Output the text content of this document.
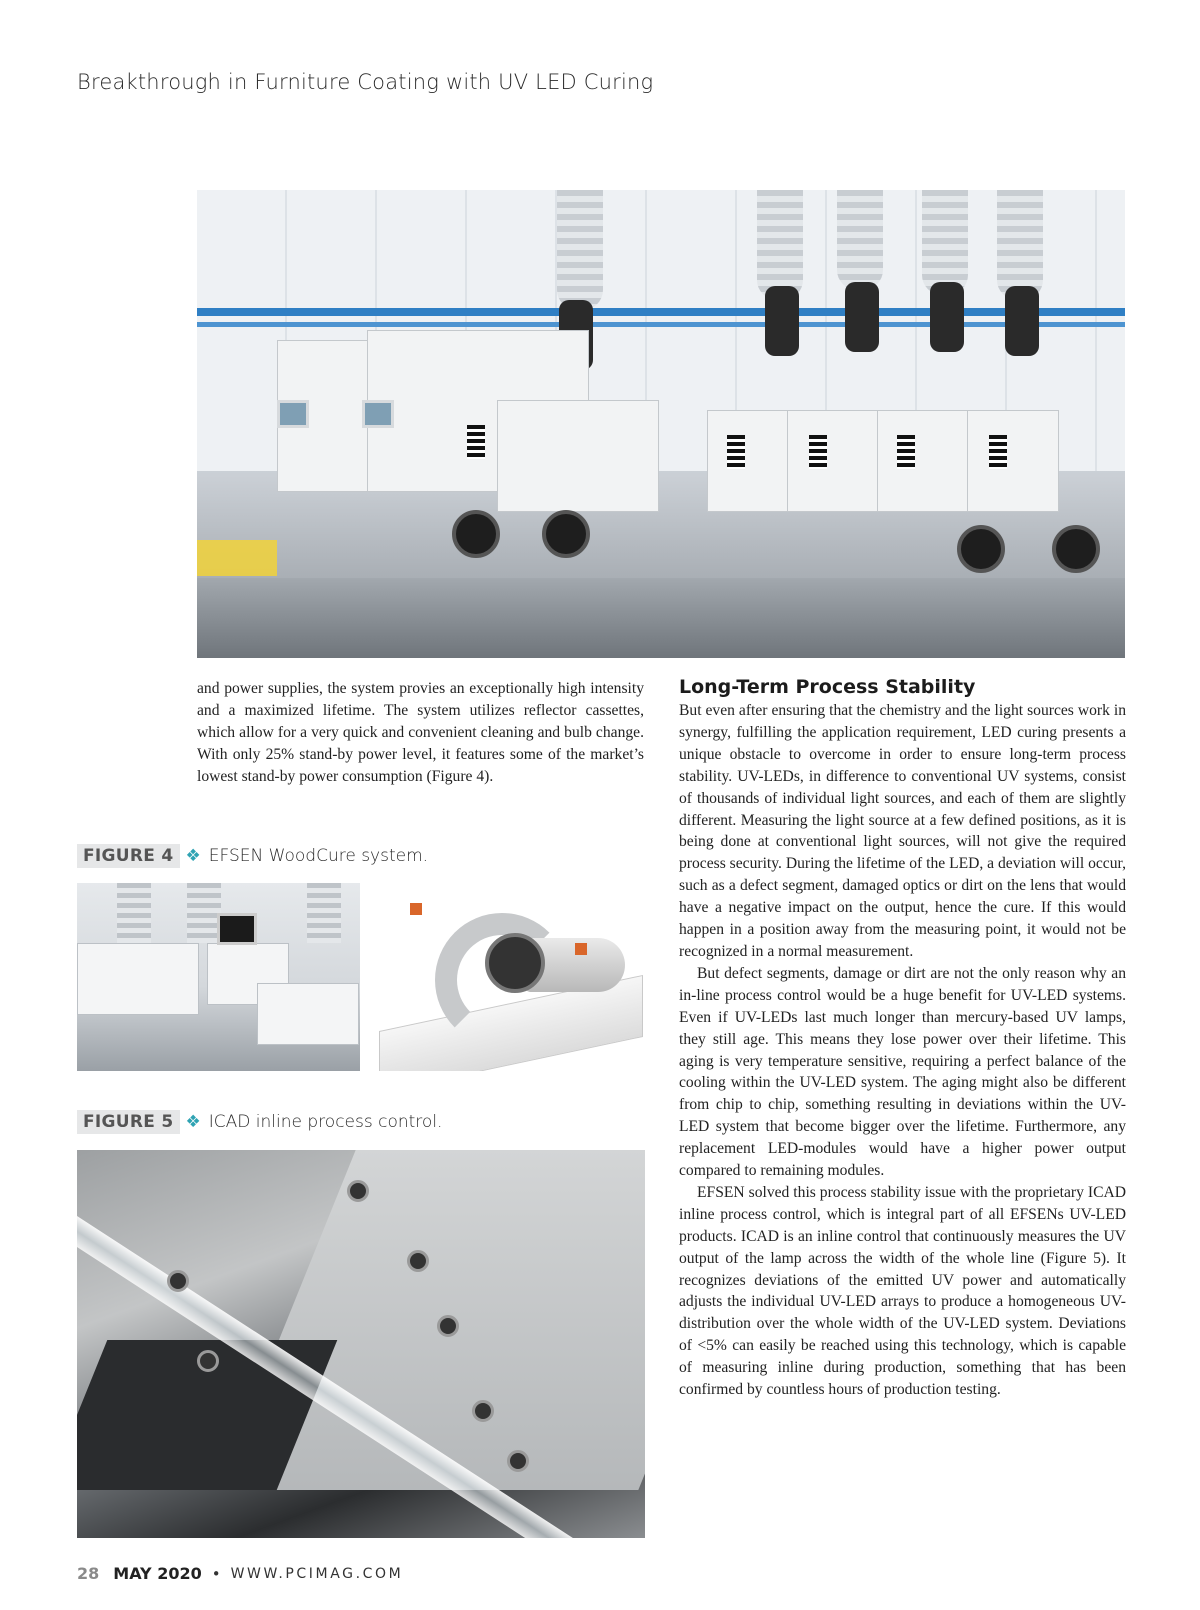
Breakthrough in Furniture Coating with UV LED Curing

and power supplies, the system provies an exceptionally high intensity and a maximized lifetime. The system utilizes reflector cassettes, which allow for a very quick and convenient cleaning and bulb change. With only 25% stand-by power level, it features some of the market’s lowest stand-by power consumption (Figure 4).

FIGURE 4 ❖ EFSEN WoodCure system.
FIGURE 5 ❖ ICAD inline process control.
Long-Term Process Stability

But even after ensuring that the chemistry and the light sources work in synergy, fulfilling the application requirement, LED curing presents a unique obstacle to overcome in order to ensure long-term process stability. UV-LEDs, in difference to conventional UV systems, consist of thousands of individual light sources, and each of them are slightly different. Measuring the light source at a few defined positions, as it is being done at conventional light sources, will not give the required process security. During the lifetime of the LED, a deviation will occur, such as a defect segment, damaged optics or dirt on the lens that would have a negative impact on the output, hence the cure. If this would happen in a position away from the measuring point, it would not be recognized in a normal measurement.

But defect segments, damage or dirt are not the only reason why an in-line process control would be a huge benefit for UV-LED systems. Even if UV-LEDs last much longer than mercury-based UV lamps, they still age. This means they lose power over their lifetime. This aging is very temperature sensitive, requiring a perfect balance of the cooling within the UV-LED system. The aging might also be different from chip to chip, something resulting in deviations within the UV-LED system that become bigger over the lifetime. Furthermore, any replacement LED-modules would have a higher power output compared to remaining modules.

EFSEN solved this process stability issue with the proprietary ICAD inline process control, which is integral part of all EFSENs UV-LED products. ICAD is an inline control that continuously measures the UV output of the lamp across the width of the whole line (Figure 5). It recognizes deviations of the emitted UV power and automatically adjusts the individual UV-LED arrays to produce a homogeneous UV-distribution over the whole width of the UV-LED system. Deviations of <5% can easily be reached using this technology, which is capable of measuring inline during production, something that has been confirmed by countless hours of production testing.

28 MAY 2020 • WWW.PCIMAG.COM
